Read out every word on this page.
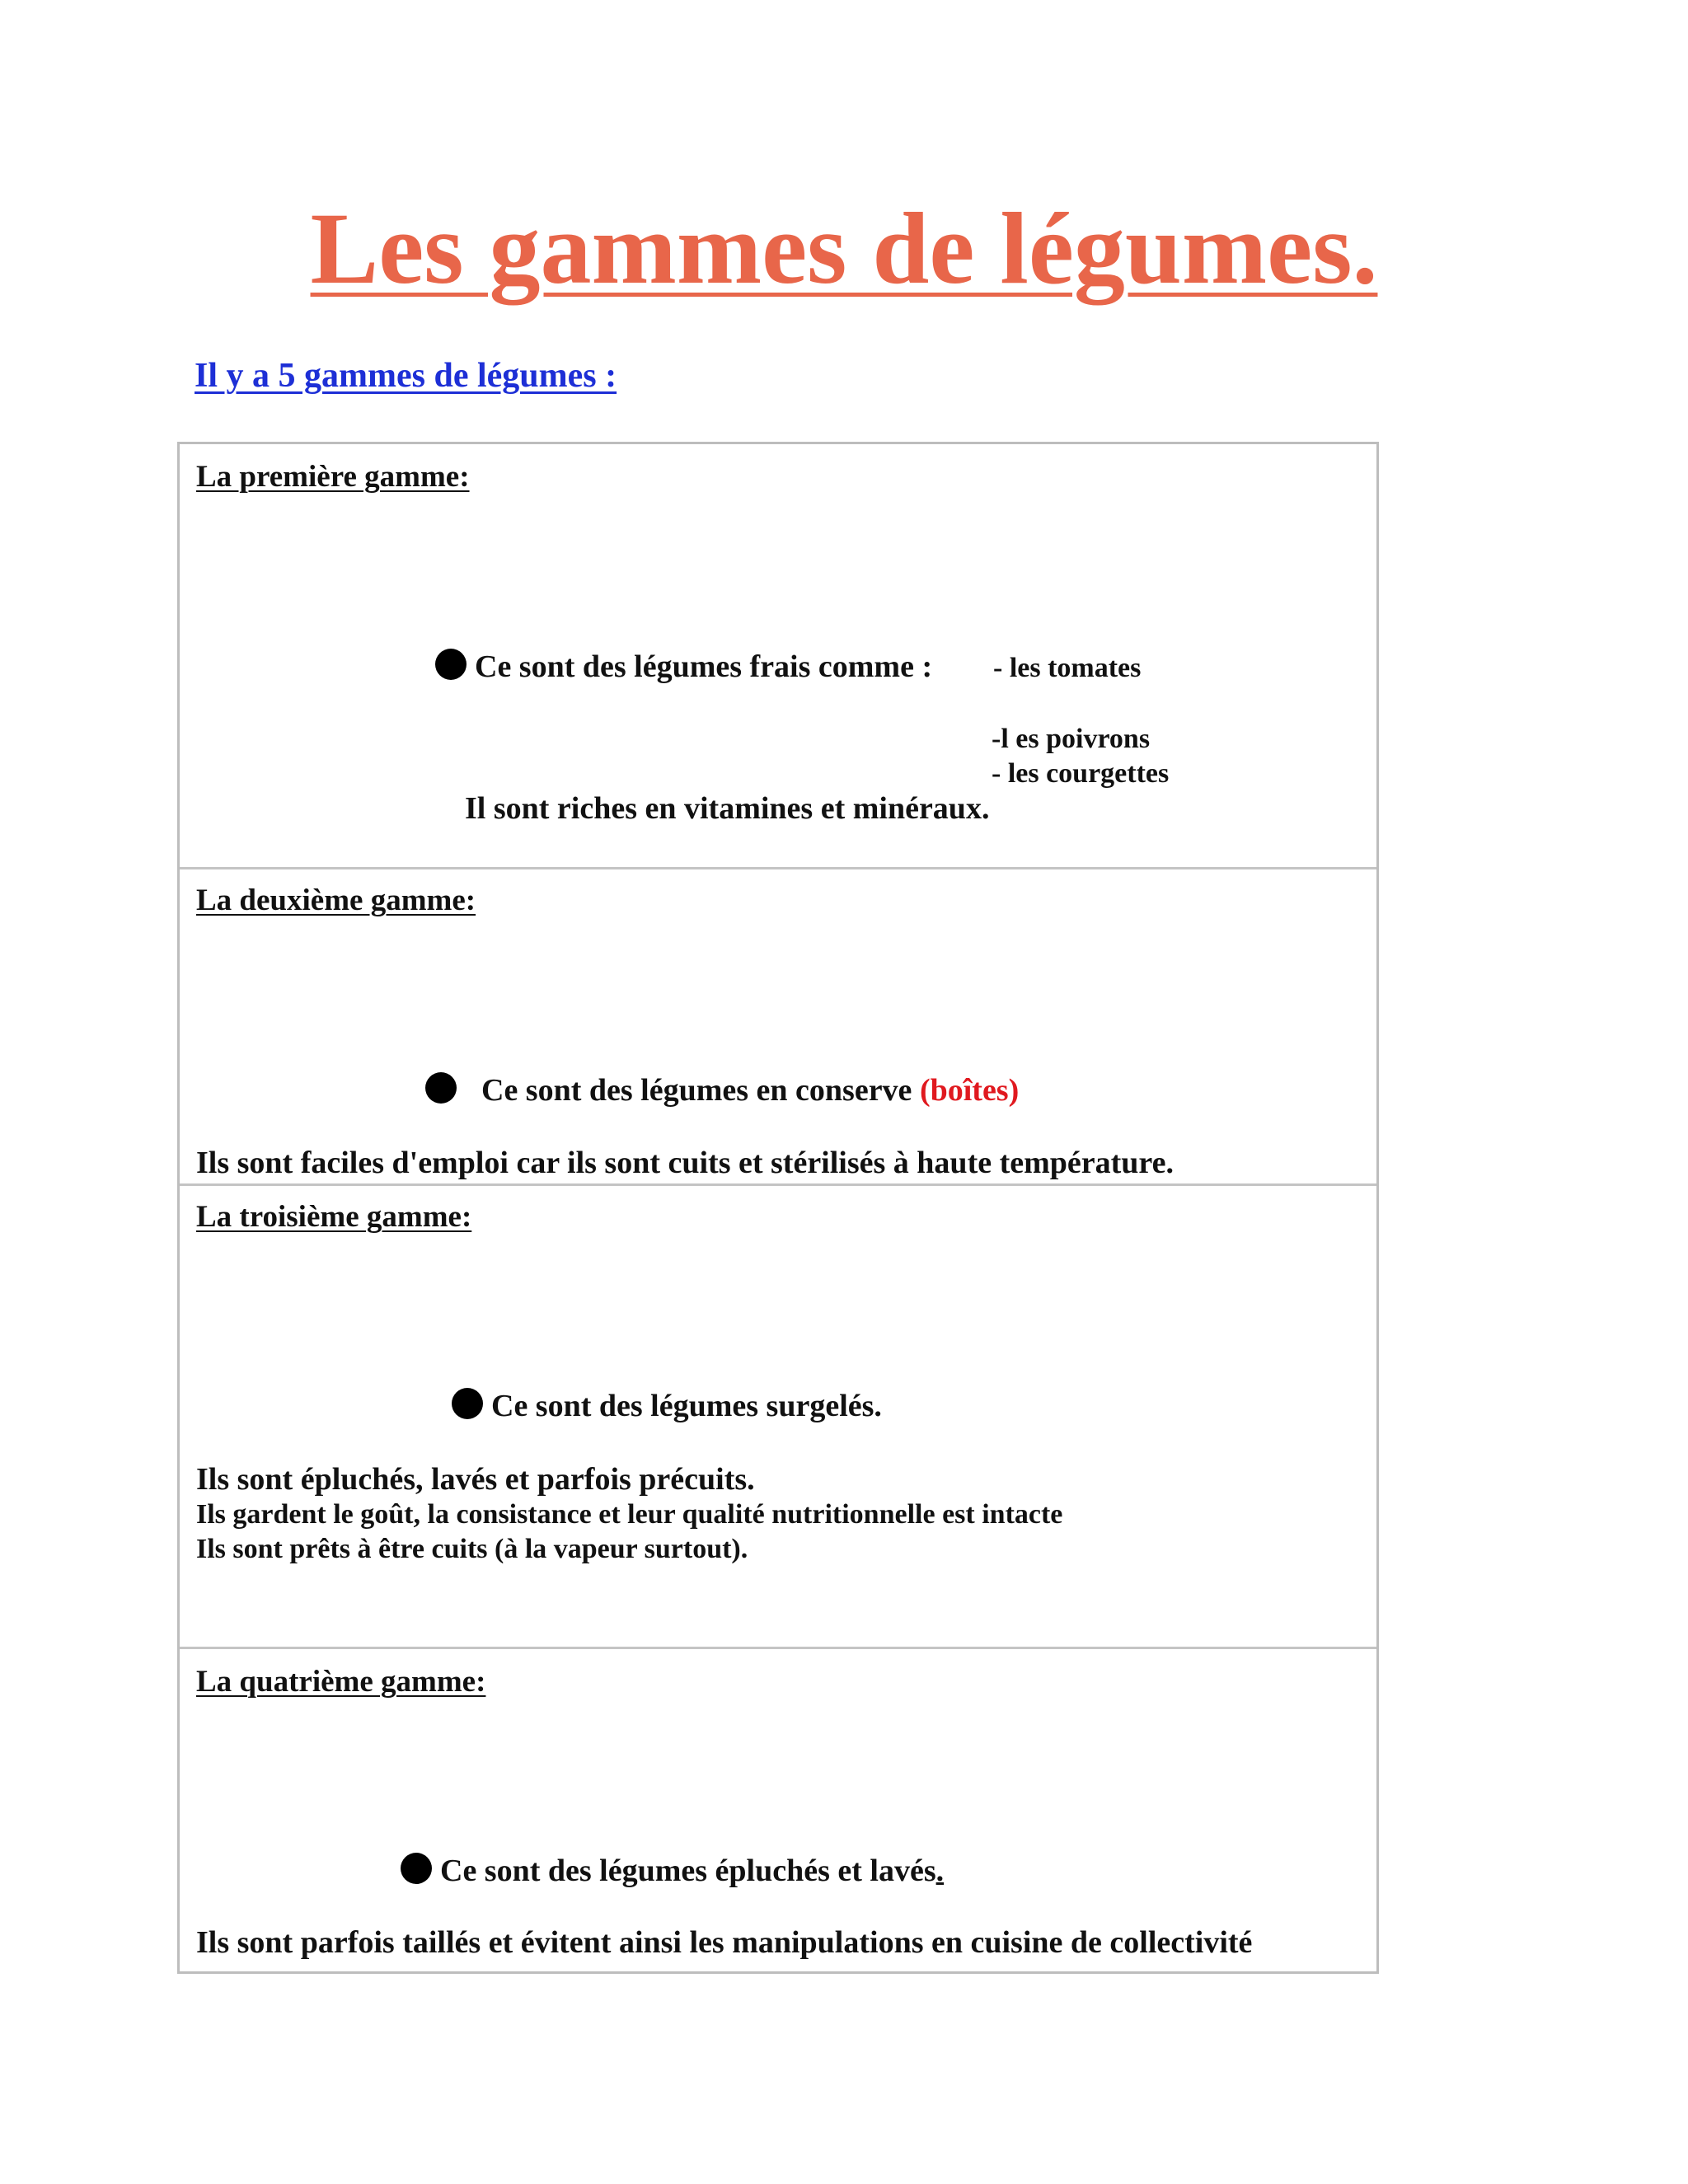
Les gammes de légumes.
Il y a 5 gammes de légumes :
La première gamme:
Ce sont des légumes frais comme : - les tomates
-l es poivrons
- les courgettes
Il sont riches en vitamines et minéraux.
La deuxième gamme:
Ce sont des légumes en conserve (boîtes)
Ils sont faciles d'emploi car ils sont cuits et stérilisés à haute température.
La troisième gamme:
Ce sont des légumes surgelés.
Ils sont épluchés, lavés et parfois précuits.
Ils gardent le goût, la consistance et leur qualité nutritionnelle est intacte
Ils sont prêts à être cuits (à la vapeur surtout).
La quatrième gamme:
Ce sont des légumes épluchés et lavés.
Ils sont parfois taillés et évitent ainsi les manipulations en cuisine de collectivité
